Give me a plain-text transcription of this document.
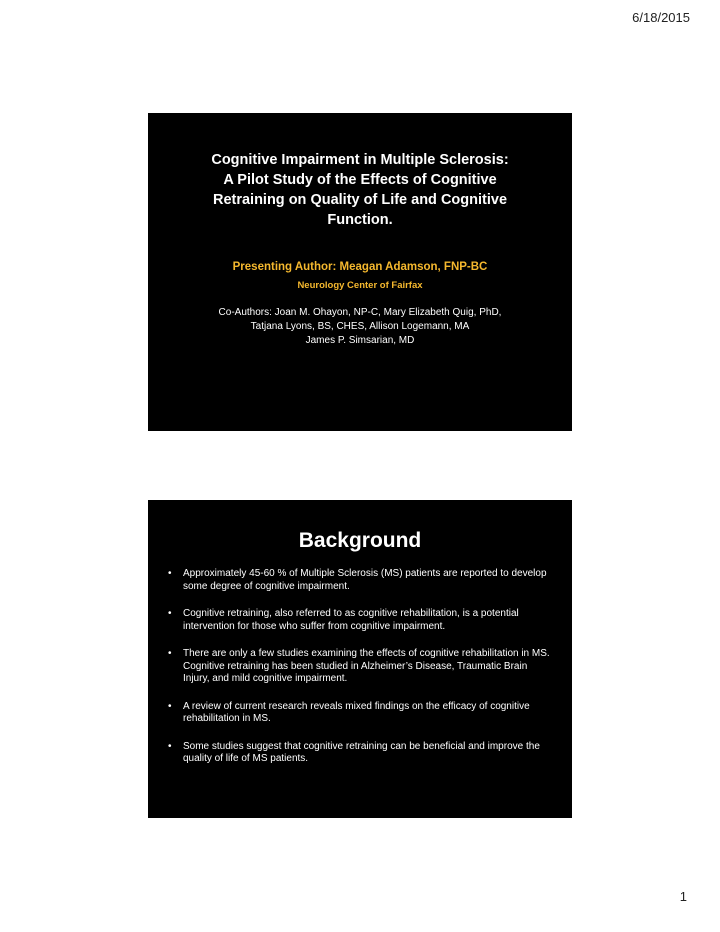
6/18/2015
Cognitive Impairment in Multiple Sclerosis:
A Pilot Study of the Effects of Cognitive
Retraining on Quality of Life and Cognitive
Function.
Presenting Author: Meagan Adamson, FNP-BC
Neurology Center of Fairfax
Co-Authors: Joan M. Ohayon, NP-C, Mary Elizabeth Quig, PhD,
Tatjana Lyons, BS, CHES, Allison Logemann, MA
James P. Simsarian, MD
Background
• Approximately 45-60 % of Multiple Sclerosis (MS) patients are reported to develop some degree of cognitive impairment.
• Cognitive retraining, also referred to as cognitive rehabilitation, is a potential intervention for those who suffer from cognitive impairment.
• There are only a few studies examining the effects of cognitive rehabilitation in MS. Cognitive retraining has been studied in Alzheimer’s Disease, Traumatic Brain Injury, and mild cognitive impairment.
• A review of current research reveals mixed findings on the efficacy of cognitive rehabilitation in MS.
• Some studies suggest that cognitive retraining can be beneficial and improve the quality of life of MS patients.
1
